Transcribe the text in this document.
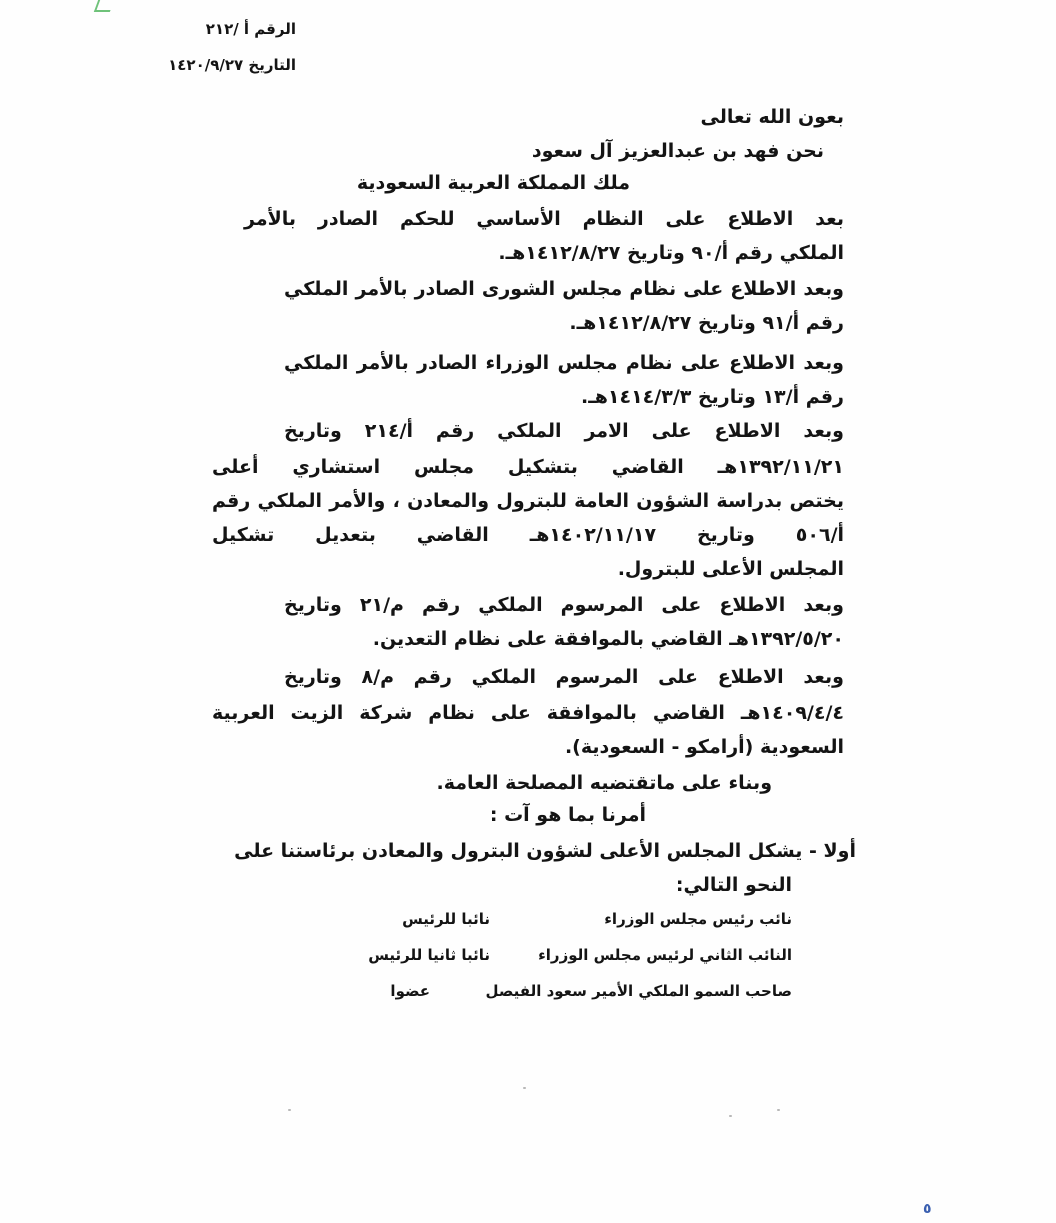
الرقم أ /٢١٢
التاريخ ١٤٢٠/٩/٢٧
بعون الله تعالى
نحن فهد بن عبدالعزيز آل سعود
ملك المملكة العربية السعودية
بعد الاطلاع على النظام الأساسي للحكم الصادر بالأمر
الملكي رقم أ/٩٠ وتاريخ ١٤١٢/٨/٢٧هـ.
وبعد الاطلاع على نظام مجلس الشورى الصادر بالأمر الملكي
رقم أ/٩١ وتاريخ ١٤١٢/٨/٢٧هـ.
وبعد الاطلاع على نظام مجلس الوزراء الصادر بالأمر الملكي
رقم أ/١٣ وتاريخ ١٤١٤/٣/٣هـ.
وبعد الاطلاع على الامر الملكي رقم أ/٢١٤ وتاريخ
١٣٩٢/١١/٢١هـ القاضي بتشكيل مجلس استشاري أعلى
يختص بدراسة الشؤون العامة للبترول والمعادن ، والأمر الملكي رقم
أ/٥٠٦ وتاريخ ١٤٠٢/١١/١٧هـ القاضي بتعديل تشكيل
المجلس الأعلى للبترول.
وبعد الاطلاع على المرسوم الملكي رقم م/٢١ وتاريخ
١٣٩٢/٥/٢٠هـ القاضي بالموافقة على نظام التعدين.
وبعد الاطلاع على المرسوم الملكي رقم م/٨ وتاريخ
١٤٠٩/٤/٤هـ القاضي بالموافقة على نظام شركة الزيت العربية
السعودية (أرامكو - السعودية).
وبناء على ماتقتضيه المصلحة العامة.
أمرنا بما هو آت :
أولا - يشكل المجلس الأعلى لشؤون البترول والمعادن برئاستنا على
النحو التالي:
نائب رئيس مجلس الوزراء
نائبا للرئيس
النائب الثاني لرئيس مجلس الوزراء
نائبا ثانيا للرئيس
صاحب السمو الملكي الأمير سعود الفيصل
عضوا
٥
